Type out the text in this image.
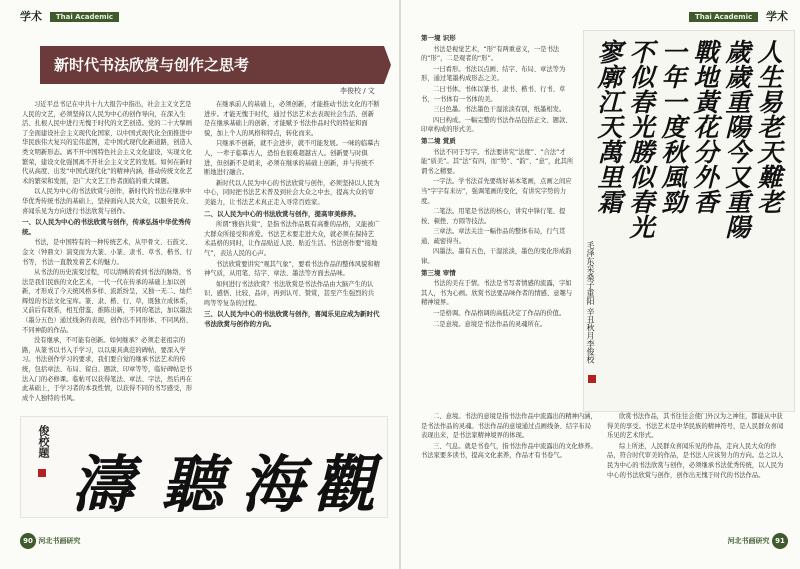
学术 Thai Academic
新时代书法欣赏与创作之思考
李俊校 / 文

习近平总书记在中共十九大报告中指出，社会主义文艺是人民的文艺，必须坚持以人民为中心的创作导向，在深入生活、扎根人民中进行无愧于时代的文艺创造。党的二十大擘画了全面建设社会主义现代化国家、以中国式现代化全面推进中华民族伟大复兴的宏伟蓝图，走中国式现代化新道路，创造人类文明新形态。离不开中国特色社会主义文化建设，实现文化繁荣，建设文化强国离不开社会主义文艺的发展。如何在新时代从高度、出发“中国式现代化”的精神内涵，推动传统文化艺术的繁荣和发展，是广大文艺工作者面临的重大课题。

以人民为中心的书法欣赏与创作，新时代的书法在继承中华优秀传统书法的基础上，坚持面向人民大众，以服务民众、喜闻乐见为方向进行书法欣赏与创作。

一、以人民为中心的书法欣赏与创作，传承弘扬中华优秀传统。

书法，是中国特有的一种传统艺术，从甲骨文、石鼓文、金文（钟鼎文）演变而为大篆、小篆、隶书、草书、楷书、行书等，书法一直散发着艺术的魅力。

从书法的历史演变过程，可以清晰的看到书法的脉络，书法是我们民族的文化艺术，一代一代在传承的基础上加以创新，才形成了今天统风格多样、流派纷呈，又独一无二、灿烂辉煌的书法文化宝库。篆、隶、楷、行、草，既独立成体系，又前后有联系，相互借鉴，推陈出新，不同的笔法，加以墨法（墨分五色）通过线条的表现，创作出不同形体、不同风格、不同神韵的作品。

没有继承，不可能有创新。如何继承？必须走老祖宗的路，从篆书以书入手学习，以以康具典范的碑帖，要深入学习。书法创作学习的要求，我们要自觉的继承书法艺术的传统，包括章法、布局、留白、题款、印章等等，临好碑帖是书法入门的必修课。临帖可以获得笔法、章法、字法，然后再在此基础上，于学习者的本我性情，以获得不同的书写感受，形成个人独特的书风。

在继承前人的基础上，必须创新，才能推动书法文化的不断进步。才能无愧于时代，通过书法艺术去表现社会生活、创新是在继承基础上的创新，才能赋予书法作品时代的特征和面貌，加上个人的风格和特点，转化而来。

只继承不创新，就不会进步，就不可能发展。一味的临摹古人，一辈子临摹古人，恐怕也很难超越古人。创新要与时俱进，但创新不是胡来，必须在继承的基础上创新，并与传统不断地进行融合。

新时代以人民为中心的书法欣赏与创作，必须坚持以人民为中心，同时把书法艺术普及到社会大众之中去，提高大众的审美能力，让书法艺术真正走入寻常百姓家。

二、以人民为中心的书法欣赏与创作，提高审美修养。

所谓“雅俗共赏”，是指书法作品既有高雅的品格，又能被广大群众所接受和喜爱。书法艺术要走进大众，就必须在保持艺术品格的同时，让作品贴近人民、贴近生活。书法创作要“接地气”，表达人民的心声。

书法欣赏要讲究“观其气象”，要看书法作品的整体风貌和精神气质，从用笔、结字、章法、墨法等方面去品味。

如何进行书法欣赏？书法欣赏是书法作品由大脑产生的认识、感悟、比较、品评，再到认可、赞赏，甚至产生强烈的共鸣等等复杂的过程。

三、以人民为中心的书法欣赏与创作，喜闻乐见应成为新时代书法欣赏与创作的方向。
俊校题
濤 聽 海 觀
90 河北书画研究
Thai Academic 学术
第一境 识形

书法是视觉艺术，“形”有两重意义，一是书法的“形”，二是观者的“形”。

一曰看形。书法以点画、结字、布局、章法等为形，通过笔墨构成形态之美。

二曰书体。书体以篆书、隶书、楷书、行书、草书，一书体有一书体的美。

三曰色墨。书法墨色干湿浓淡有别，纸墨相发。

四曰构成。一幅完整的书法作品包括正文、题款、印章构成的形式美。

第二境 赏质

书法不同于写字。书法要讲究“法度”、“合法”才能“质美”。其“法”有四，而“势”、“韵”、“意”，此其所谓书之精要。

一字法。学书法首先要练好基本笔画，点画之间应当“字字有来历”，强调笔画的变化，有讲究字势的力度。

二笔法。用笔是书法的核心，讲究中锋行笔、提按、顿挫、方圆等技法。

三章法。章法关注一幅作品的整体布局，行气贯通、疏密得当。

四墨法。墨有五色，干湿浓淡，墨色的变化形成韵律。

第三境 审情

书法的美在于情。书法是书写者情感的流露，字如其人，书为心画。欣赏书法要品味作者的情感、意趣与精神境界。

一是格调。作品格调的高低决定了作品的价值。

二是意境。意境是书法作品的灵魂所在。

人生易老天難老
歲歲重陽今又重陽
戰地黃花分外香
一年一度秋風勁
不似春光勝似春光
寥廓江天萬里霜
毛泽东采桑子重阳 辛丑秋月李俊校

二、意境。书法的意境是指书法作品中流露出的精神内涵，是书法作品的灵魂。书法作品的意境通过点画线条、结字布局表现出来，是书法家精神境界的体现。

三、气息。就是书卷气，指书法作品中流露出的文化修养。书法家要多读书，提高文化素养，作品才有书卷气。

欣赏书法作品，其书往往会使门外汉为之神往，都能从中获得美的享受。书法艺术是中华民族的精神符号，是人民群众喜闻乐见的艺术形式。

综上所述，人民群众喜闻乐见的作品，走向人民大众的作品，符合时代审美的作品，是书法人应该努力的方向。总之以人民为中心的书法欣赏与创作，必须继承书法优秀传统，以人民为中心的书法欣赏与创作，创作出无愧于时代的书法作品。

河北书画研究 91
